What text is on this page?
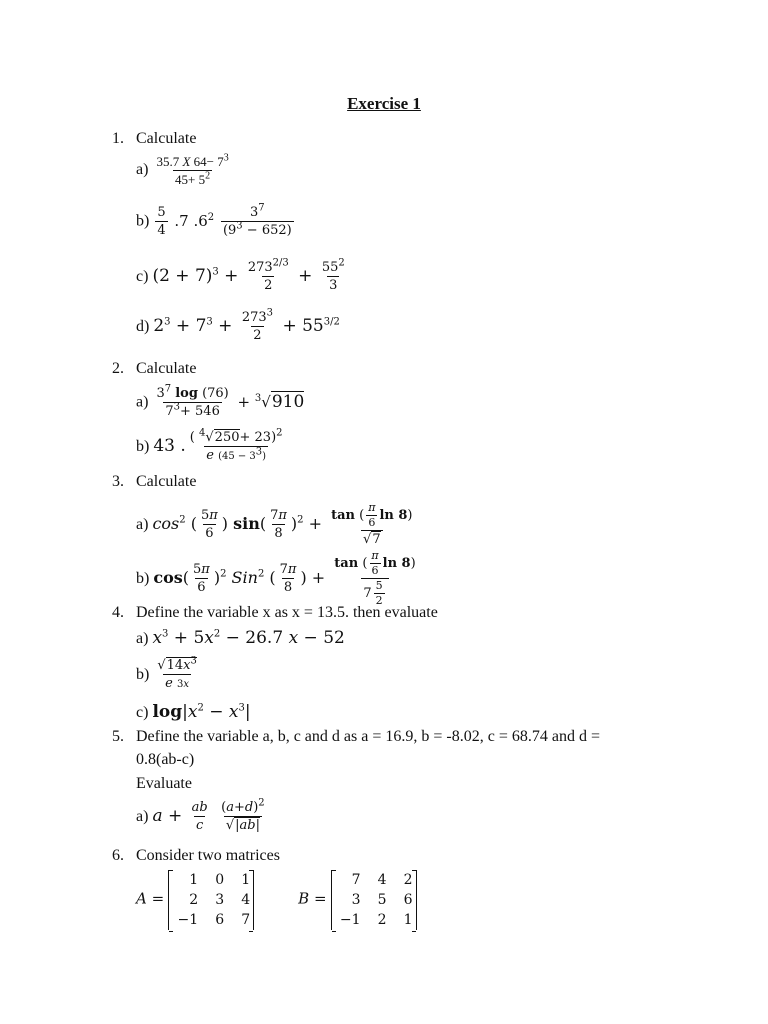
Exercise 1
1. Calculate
$a) \frac{35.7 X 64- 7^3}{45+ 5^2}$
$b) \frac{5}{4} .7$ $.6^2 \frac{3^7}{(9^3 - 652)}$
c) $(2 + 7)^3 + \frac{273^{2/3}}{2} + \frac{55^2}{3}$
d) $2^3 + 7^3 + \frac{273^3}{2} + 55^{3/2}$
2. Calculate
$a) \frac{3^7 \log (76)}{7^3+ 546} + ^3√910$
b) 43 . $\frac{( ^4√250+ 23)^2}{e (45 - 33)}$
3. Calculate
a) $\cos^2$ ( $\frac{5\pi}{6}$ ) $\sin( \frac{7\pi}{8} )^2 + \frac{\tan ( \frac{\pi}{6} \ln 8)}{√7}$
b) $\cos( \frac{5\pi}{6} )^2$ Sin$^2$ ( $\frac{7\pi}{8}$ ) + $\frac{\tan ( \frac{\pi}{6} \ln 8)}{7 \frac{5}{2}}$
4. Define the variable x as x = 13.5. then evaluate
a) $x^3 + 5x^2 - 26.7$ x − 52
$b) \frac{√14x^3}{e 3x}$
c) $\log|x^2 - x^3|$
5. Define the variable a, b, c and d as a = 16.9, b = -8.02, c = 68.74 and d =
0.8(ab-c)
Evaluate
a) $a + \frac{ab}{c}$
$\frac{(a+d)^2}{√|ab|}$
6. Consider two matrices
A =
1	0	1
2	3	4
−1	6	7
B =
7	4	2
3	5	6
−1	2	1
